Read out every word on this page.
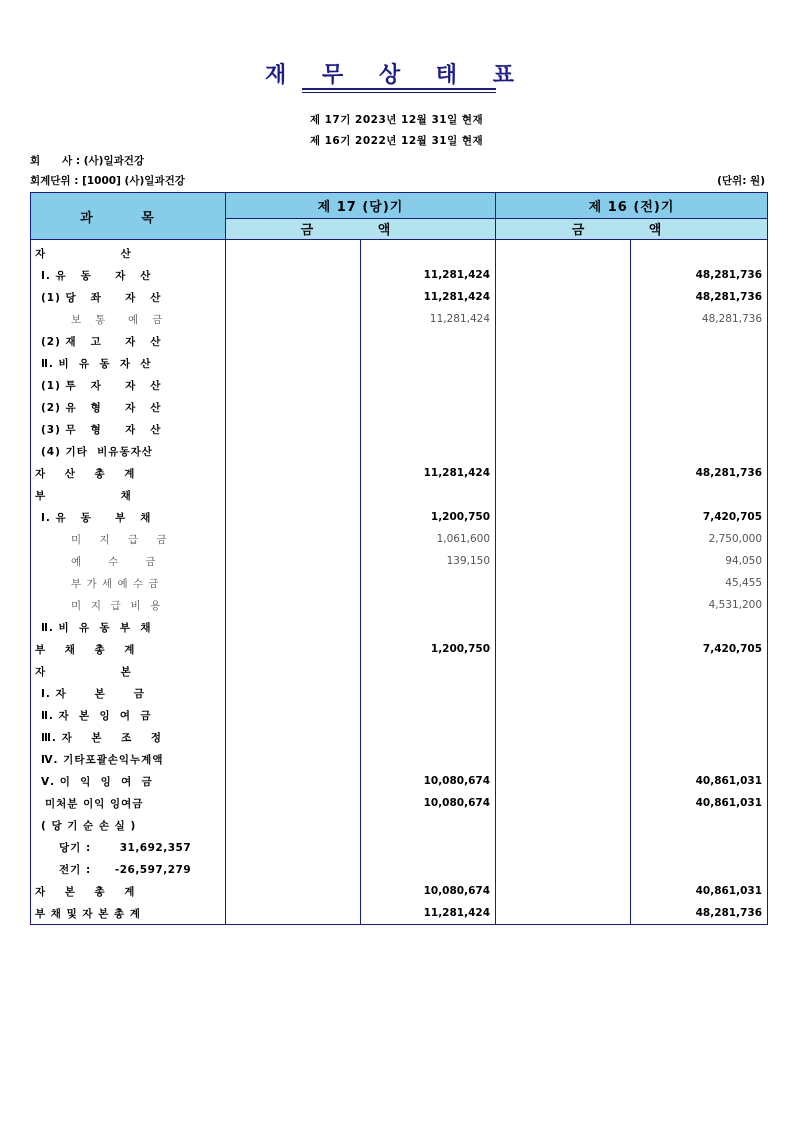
재 무 상 태 표
제 17기 2023년 12월 31일 현재
제 16기 2022년 12월 31일 현재
회      사 : (사)일과건강
회계단위 : [1000] (사)일과건강	(단위: 원)
과 목	제 17 (당)기		제 16 (전)기	
	금 액		금 액	
자                산				
Ⅰ. 유   동     자   산		11,281,424		48,281,736
(1) 당   좌     자   산		11,281,424		48,281,736
보   통     예   금		11,281,424		48,281,736
(2) 재   고     자   산				
Ⅱ. 비  유  동  자  산				
(1) 투   자     자   산				
(2) 유   형     자   산				
(3) 무   형     자   산				
(4) 기타  비유동자산				
자    산    총    계		11,281,424		48,281,736
부                채				
Ⅰ. 유   동     부   채		1,200,750		7,420,705
미    지    급    금		1,061,600		2,750,000
예      수      금		139,150		94,050
부 가 세 예 수 금				45,455
미  지  급  비  용				4,531,200
Ⅱ. 비  유  동  부  채				
부    채    총    계		1,200,750		7,420,705
자                본				
Ⅰ. 자      본      금				
Ⅱ. 자  본  잉  여  금				
Ⅲ. 자    본    조    정				
Ⅳ. 기타포괄손익누계액				
Ⅴ. 이  익  잉  여  금		10,080,674		40,861,031
미처분 이익 잉여금		10,080,674		40,861,031
( 당 기 순 손 실 )				
당기 : 31,692,357				
전기 : -26,597,279				
자    본    총    계		10,080,674		40,861,031
부 채 및 자 본 총 계		11,281,424		48,281,736
